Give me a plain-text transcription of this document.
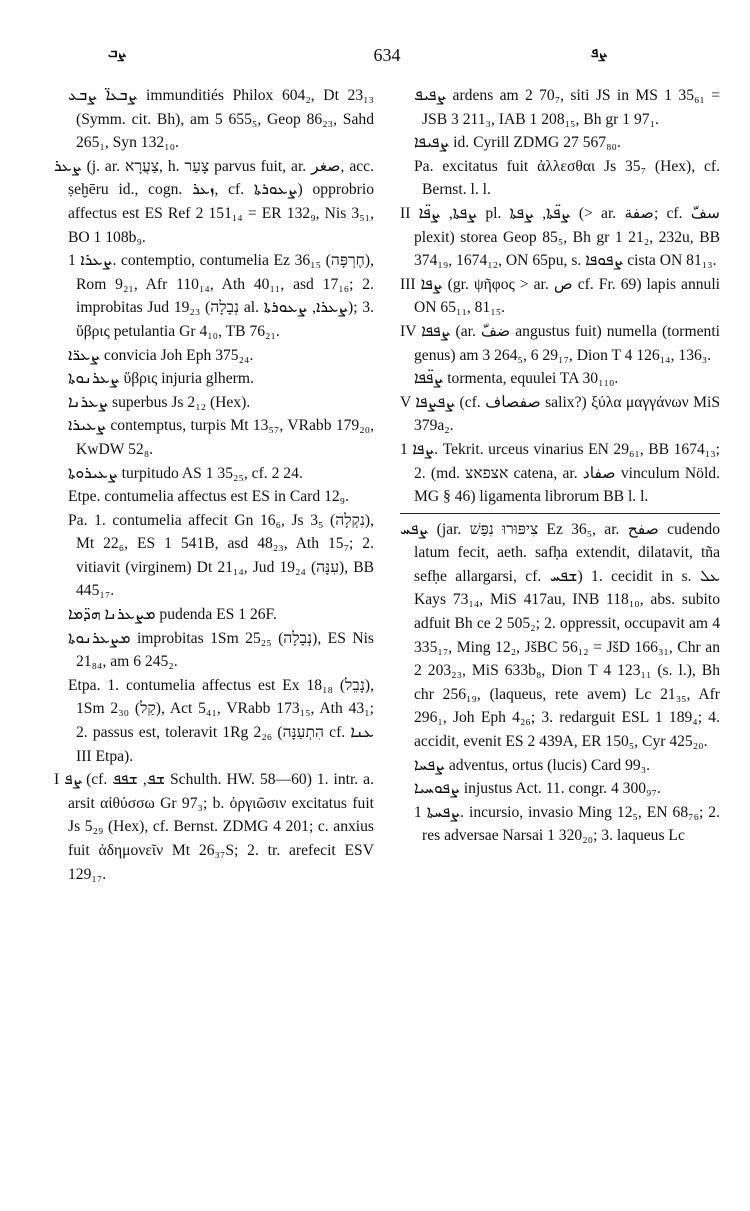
ܨܒ	634	ܨܦ

ܨܒܥܐ̈ ܨܒܥ immunditiés Philox 604₂, Dt 23₁₃ (Symm. cit. Bh), am 5 655₅, Geop 86₂₃, Sahd 265₁, Syn 132₁₀.

ܨܥܪ (j. ar. צַעֲרָא, h. צָעַר parvus fuit, ar. صغر, acc. ṣeḫēru id., cogn. ܙܥܪ, cf. ܨܥܘܪܬܐ) opprobrio affectus est ES Ref 2 151₁₄ = ER 132₉, Nis 3₅₁, BO 1 108b₉.

ܨܥܪܐ 1. contemptio, contumelia Ez 36₁₅ (חֶרְפָּה), Rom 9₂₁, Afr 110₁₄, Ath 40₁₁, asd 17₁₆; 2. improbitas Jud 19₂₃ (נְבָלָה al. ܨܥܪܐ, ܨܥܘܪܬܐ); 3. ὕβρις petulantia Gr 4₁₀, TB 76₂₁.

ܨܥܪ̈ܐ convicia Joh Eph 375₂₄.

ܨܥܪܢܘܬܐ ὕβρις injuria glherm.

ܨܥܪܢܐ superbus Js 2₁₂ (Hex).

ܨܥܝܪܐ contemptus, turpis Mt 13₅₇, VRabb 179₂₀, KwDW 52₈.

ܨܥܝܪܘܬܐ turpitudo AS 1 35₂₅, cf. 2 24.

Etpe. contumelia affectus est ES in Card 12₉.

Pa. 1. contumelia affecit Gn 16₆, Js 3₅ (נִקְלָה), Mt 22₆, ES 1 541B, asd 48₂₃, Ath 15₇; 2. vitiavit (virginem) Dt 21₁₄, Jud 19₂₄ (עִנָּה), BB 445₁₇.

ܡܨܥܪܢܐ ܗܕ̈ܡܐ pudenda ES 1 26F.

ܡܨܥܪܢܘܬܐ improbitas 1Sm 25₂₅ (נְבָלָה), ES Nis 21₈₄, am 6 245₂.

Etpa. 1. contumelia affectus est Ex 18₁₈ (נָבֵל), 1Sm 2₃₀ (קַל), Act 5₄₁, VRabb 173₁₅, Ath 43₁; 2. passus est, toleravit 1Rg 2₂₆ (הִתְעַנָּה cf. ܥܢܐ III Etpa).

I ܨܦ (cf. ܫܦ, ܫܦܦ Schulth. HW. 58—60) 1. intr. a. arsit αἰθύσσω Gr 97₃; b. ὀργιῶσιν excitatus fuit Js 5₂₉ (Hex), cf. Bernst. ZDMG 4 201; c. anxius fuit ἀδημονεῖν Mt 26₃₇S; 2. tr. arefecit ESV 129₁₇.

ܨܦܝܦ ardens am 2 70₇, siti JS in MS 1 35₆₁ = JSB 3 211₃, IAB 1 208₁₅, Bh gr 1 97₁.

ܨܦܝܦܐ id. Cyrill ZDMG 27 567₈₀.

Pa. excitatus fuit ἀλλεσθαι Js 35₇ (Hex), cf. Bernst. l. l.

II ܨܦܬܐ, ܨܦ̈ܐ pl. ܨܦ̈ܬܐ, ܨܦܬܐ (> ar. صفة; cf. سفّ plexit) storea Geop 85₅, Bh gr 1 21₂, 232u, BB 374₁₉, 1674₁₂, ON 65pu, s. ܨܦܘܦܐ cista ON 81₁₃.

III ܨܦܐ (gr. ψῆφος > ar. ص cf. Fr. 69) lapis annuli ON 65₁₁, 81₁₅.

IV ܨܦܦܐ (ar. ضفّ angustus fuit) numella (tormenti genus) am 3 264₅, 6 29₁₇, Dion T 4 126₁₄, 136₃.

ܨܦ̈ܦܐ tormenta, equulei TA 30₁₁₀.

V ܨܦܨܦܐ (cf. صفصاف salix?) ξύλα μαγγάνων MiS 379a₂.

ܨܦܐ 1. Tekrit. urceus vinarius EN 29₆₁, BB 1674₁₃; 2. (md. אצפאצ catena, ar. صفاد vinculum Nöld. MG § 46) ligamenta librorum BB l. l.

ܨܦܚ (jar. צִיפּוּרוּ נִפַּשׁ Ez 36₅, ar. صفح cudendo latum fecit, aeth. safḥa extendit, dilatavit, tña sefḥe allargarsi, cf. ܫܦܚ) 1. cecidit in s. ܥܠ Kays 73₁₄, MiS 417au, INB 118₁₀, abs. subito adfuit Bh ce 2 505₂; 2. oppressit, occupavit am 4 335₁₇, Ming 12₂, JšBC 56₁₂ = JšD 166₃₁, Chr an 2 203₂₃, MiS 633b₈, Dion T 4 123₁₁ (s. l.), Bh chr 256₁₉, (laqueus, rete avem) Lc 21₃₅, Afr 296₁, Joh Eph 4₂₆; 3. redarguit ESL 1 189₄; 4. accidit, evenit ES 2 439A, ER 150₅, Cyr 425₂₀.

ܨܦܚܐ adventus, ortus (lucis) Card 99₃.

ܨܦܘܚܝܐ injustus Act. 11. congr. 4 300₉₇.

ܨܦܚܬܐ 1. incursio, invasio Ming 12₅, EN 68₇₆; 2. res adversae Narsai 1 320₂₀; 3. laqueus Lc
